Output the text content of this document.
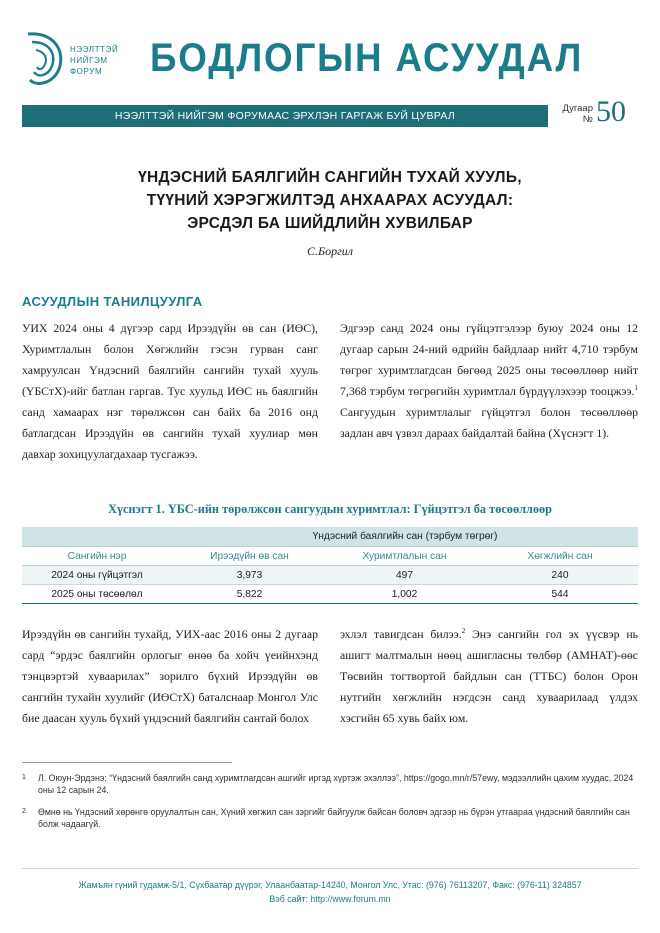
НЭЭЛТТЭЙ
НИЙГЭМ
ФОРУМ	БОДЛОГЫН АСУУДАЛ
НЭЭЛТТЭЙ НИЙГЭМ ФОРУМААС ЭРХЛЭН ГАРГАЖ БУЙ ЦУВРАЛ
Дугаар
№ 50
ҮНДЭСНИЙ БАЯЛГИЙН САНГИЙН ТУХАЙ ХУУЛЬ,
ТҮҮНИЙ ХЭРЭГЖИЛТЭД АНХААРАХ АСУУДАЛ:
ЭРСДЭЛ БА ШИЙДЛИЙН ХУВИЛБАР
С.Боргил
АСУУДЛЫН ТАНИЛЦУУЛГА
УИХ 2024 оны 4 дүгээр сард Ирээдүйн өв сан (ИӨС), Хуримтлалын болон Хөгжлийн гэсэн гурван санг хамруулсан Үндэсний баялгийн сангийн тухай хууль (ҮБСтХ)-ийг батлан гаргав. Тус хуульд ИӨС нь баялгийн санд хамаарах нэг төрөлжсөн сан байх ба 2016 онд батлагдсан Ирээдүйн өв сангийн тухай хуулиар мөн давхар зохицуулагдахаар тусгажээ.
Эдгээр санд 2024 оны гүйцэтгэлээр буюу 2024 оны 12 дугаар сарын 24-ний өдрийн байдлаар нийт 4,710 тэрбум төгрөг хуримтлагдсан бөгөөд 2025 оны төсөөллөөр нийт 7,368 тэрбум төгрөгийн хуримтлал бүрдүүлэхээр тооцжээ.$^1$ Сангуудын хуримтлалыг гүйцэтгэл болон төсөөллөөр задлан авч үзвэл дараах байдалтай байна (Хүснэгт 1).
Хүснэгт 1. ҮБС-ийн төрөлжсөн сангуудын хуримтлал: Гүйцэтгэл ба төсөөллөөр
	Үндэсний баялгийн сан (тэрбум төгрөг)		
Сангийн нэр	Ирээдүйн өв сан	Хуримтлалын сан	Хөгжлийн сан
2024 оны гүйцэтгэл	3,973	497	240
2025 оны төсөөлөл	5,822	1,002	544
Ирээдүйн өв сангийн тухайд, УИХ-аас 2016 оны 2 дугаар сард “эрдэс баялгийн орлогыг өнөө ба хойч үеийнхэнд тэнцвэртэй хуваарилах” зорилго бүхий Ирээдүйн өв сангийн тухайн хуулийг (ИӨСтХ) баталснаар Монгол Улс бие даасан хууль бүхий үндэсний баялгийн сантай болох
эхлэл тавигдсан билээ.$^2$ Энэ сангийн гол эх үүсвэр нь ашигт малтмалын нөөц ашигласны төлбөр (АМНАТ)-өөс Төсвийн тогтвортой байдлын сан (ТТБС) болон Орон нутгийн хөгжлийн нэгдсэн санд хуваарилаад үлдэх хэсгийн 65 хувь байх юм.
1 Л. Оюун-Эрдэнэ: “Үндэсний баялгийн санд хуримтлагдсан ашгийг иргэд хүртэж эхэллээ”, https://gogo.mn/r/57ewy, мэдээллийн цахим хуудас, 2024 оны 12 сарын 24.
2 Өмнө нь Үндэсний хөрөнгө оруулалтын сан, Хүний хөгжил сан зэргийг байгуулж байсан боловч эдгээр нь бүрэн утгаараа үндэсний баялгийн сан болж чадаагүй.
Жамъян гүний гудамж-5/1, Сүхбаатар дүүрэг, Улаанбаатар-14240, Монгол Улс, Утас: (976) 76113207, Факс: (976-11) 324857
Вэб сайт: http://www.forum.mn
